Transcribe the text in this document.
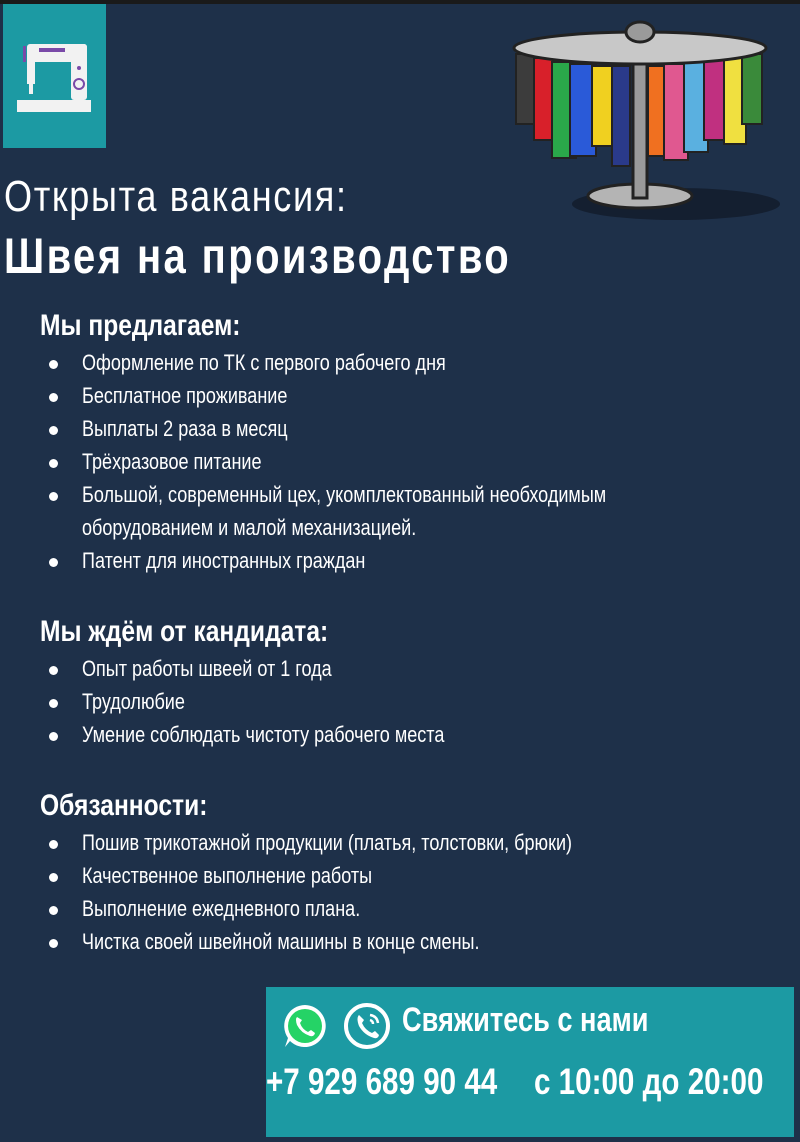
Открыта вакансия:
Швея на производство
Мы предлагаем:
Оформление по ТК с первого рабочего дня
Бесплатное проживание
Выплаты 2 раза в месяц
Трёхразовое питание
Большой, современный цех, укомплектованный необходимым оборудованием и малой механизацией.
Патент для иностранных граждан
Мы ждём от кандидата:
Опыт работы швеей от 1 года
Трудолюбие
Умение соблюдать чистоту рабочего места
Обязанности:
Пошив трикотажной продукции (платья, толстовки, брюки)
Качественное выполнение работы
Выполнение ежедневного плана.
Чистка своей швейной машины в конце смены.
Свяжитесь с нами
+7 929 689 90 44 с 10:00 до 20:00
